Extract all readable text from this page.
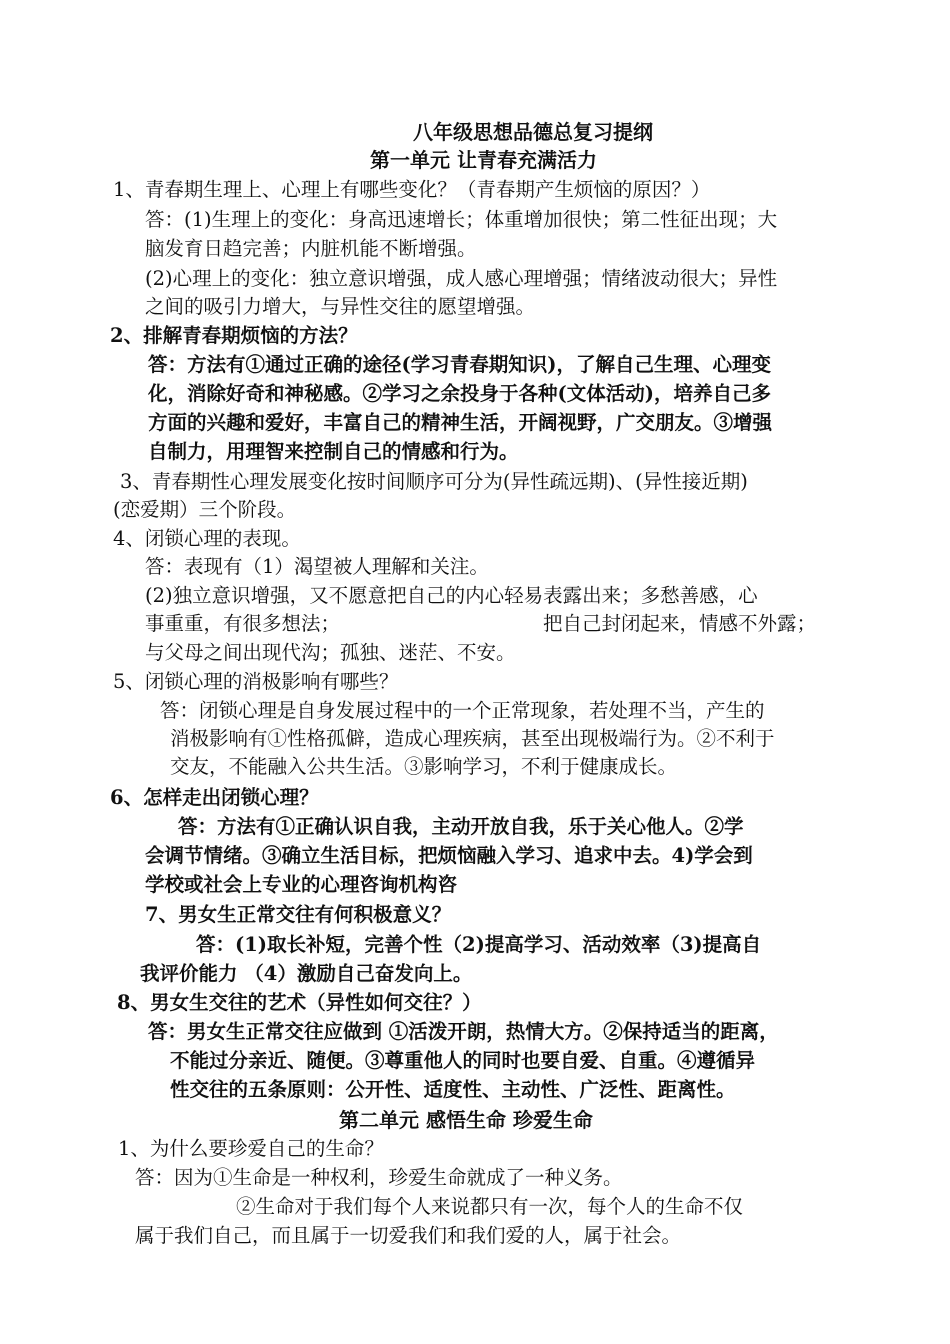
八年级思想品德总复习提纲
第一单元 让青春充满活力
1、青春期生理上、心理上有哪些变化？（青春期产生烦恼的原因？）
答：(1)生理上的变化：身高迅速增长；体重增加很快；第二性征出现；大
脑发育日趋完善；内脏机能不断增强。
(2)心理上的变化：独立意识增强，成人感心理增强；情绪波动很大；异性
之间的吸引力增大，与异性交往的愿望增强。
2、排解青春期烦恼的方法？
答：方法有①通过正确的途径(学习青春期知识)，了解自己生理、心理变
化，消除好奇和神秘感。②学习之余投身于各种(文体活动)，培养自己多
方面的兴趣和爱好，丰富自己的精神生活，开阔视野，广交朋友。③增强
自制力，用理智来控制自己的情感和行为。
3、青春期性心理发展变化按时间顺序可分为(异性疏远期)、(异性接近期)
(恋爱期）三个阶段。
4、闭锁心理的表现。
答：表现有（1）渴望被人理解和关注。
(2)独立意识增强，又不愿意把自己的内心轻易表露出来；多愁善感，心
事重重，有很多想法；	把自己封闭起来，情感不外露；
与父母之间出现代沟；孤独、迷茫、不安。
5、闭锁心理的消极影响有哪些？
答：闭锁心理是自身发展过程中的一个正常现象，若处理不当，产生的
消极影响有①性格孤僻，造成心理疾病，甚至出现极端行为。②不利于
交友，不能融入公共生活。③影响学习，不利于健康成长。
6、怎样走出闭锁心理？
答：方法有①正确认识自我，主动开放自我，乐于关心他人。②学
会调节情绪。③确立生活目标，把烦恼融入学习、追求中去。4)学会到
学校或社会上专业的心理咨询机构咨
7、男女生正常交往有何积极意义？
答：(1)取长补短，完善个性（2)提高学习、活动效率（3)提高自
我评价能力 （4）激励自己奋发向上。
8、男女生交往的艺术（异性如何交往？）
答：男女生正常交往应做到 ①活泼开朗，热情大方。②保持适当的距离，
不能过分亲近、随便。③尊重他人的同时也要自爱、自重。④遵循异
性交往的五条原则：公开性、适度性、主动性、广泛性、距离性。
第二单元 感悟生命 珍爱生命
1、为什么要珍爱自己的生命？
答：因为①生命是一种权利，珍爱生命就成了一种义务。
②生命对于我们每个人来说都只有一次，每个人的生命不仅
属于我们自己，而且属于一切爱我们和我们爱的人，属于社会。
